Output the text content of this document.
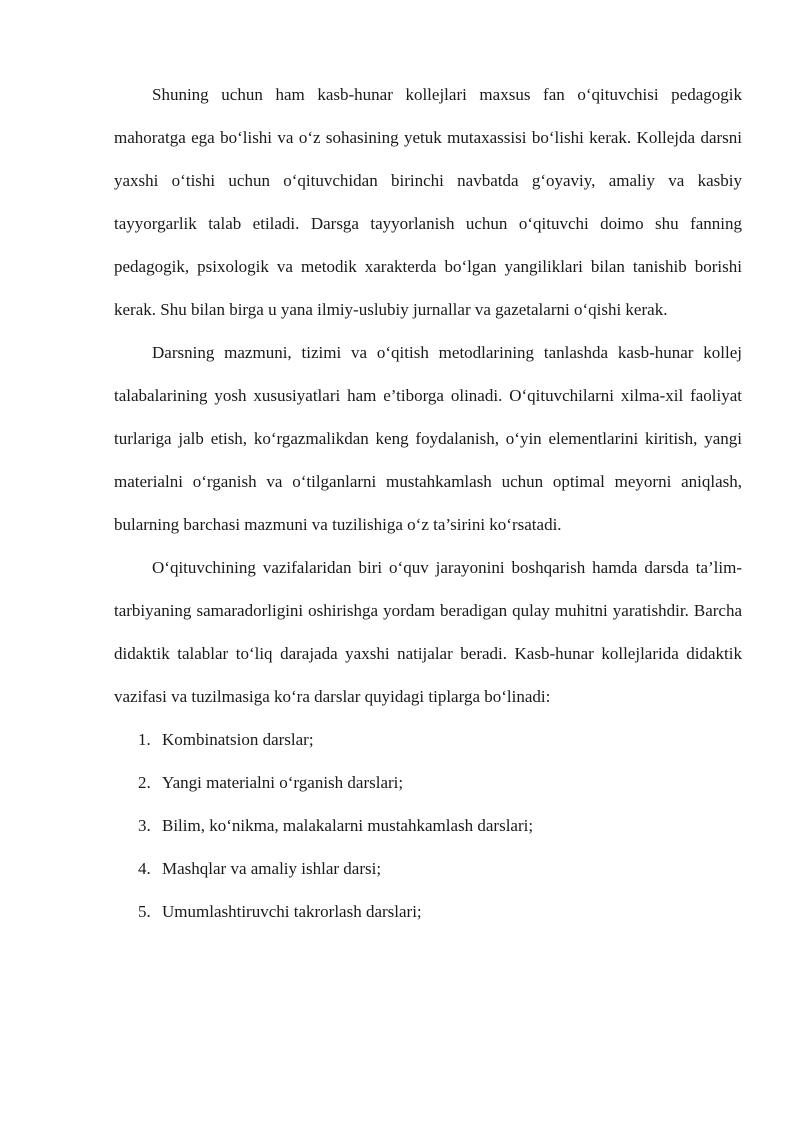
Shuning uchun ham kasb-hunar kollejlari maxsus fan o‘qituvchisi pedagogik mahoratga ega bo‘lishi va o‘z sohasining yetuk mutaxassisi bo‘lishi kerak. Kollejda darsni yaxshi o‘tishi uchun o‘qituvchidan birinchi navbatda g‘oyaviy, amaliy va kasbiy tayyorgarlik talab etiladi. Darsga tayyorlanish uchun o‘qituvchi doimo shu fanning pedagogik, psixologik va metodik xarakterda bo‘lgan yangiliklari bilan tanishib borishi kerak. Shu bilan birga u yana ilmiy-uslubiy jurnallar va gazetalarni o‘qishi kerak.

Darsning mazmuni, tizimi va o‘qitish metodlarining tanlashda kasb-hunar kollej talabalarining yosh xususiyatlari ham e’tiborga olinadi. O‘qituvchilarni xilma-xil faoliyat turlariga jalb etish, ko‘rgazmalikdan keng foydalanish, o‘yin elementlarini kiritish, yangi materialni o‘rganish va o‘tilganlarni mustahkamlash uchun optimal meyorni aniqlash, bularning barchasi mazmuni va tuzilishiga o‘z ta’sirini ko‘rsatadi.

O‘qituvchining vazifalaridan biri o‘quv jarayonini boshqarish hamda darsda ta’lim-tarbiyaning samaradorligini oshirishga yordam beradigan qulay muhitni yaratishdir. Barcha didaktik talablar to‘liq darajada yaxshi natijalar beradi. Kasb-hunar kollejlarida didaktik vazifasi va tuzilmasiga ko‘ra darslar quyidagi tiplarga bo‘linadi:

1. Kombinatsion darslar;
2. Yangi materialni o‘rganish darslari;
3. Bilim, ko‘nikma, malakalarni mustahkamlash darslari;
4. Mashqlar va amaliy ishlar darsi;
5. Umumlashtiruvchi takrorlash darslari;
